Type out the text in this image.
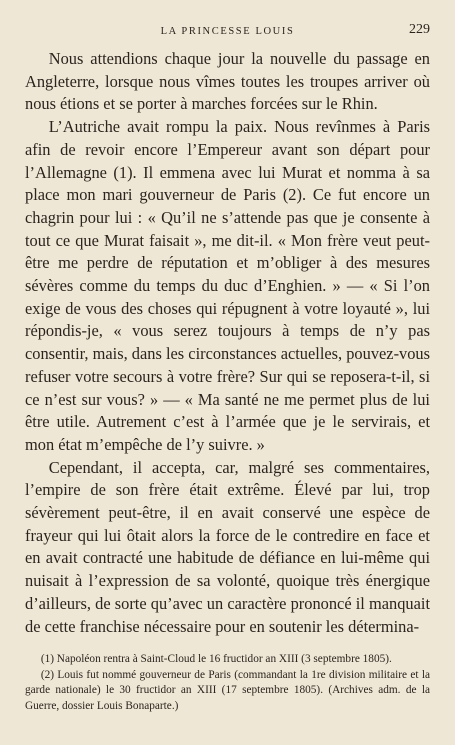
LA PRINCESSE LOUIS	229

Nous attendions chaque jour la nouvelle du passage en Angleterre, lorsque nous vîmes toutes les troupes arriver où nous étions et se porter à marches forcées sur le Rhin.

L’Autriche avait rompu la paix. Nous revînmes à Paris afin de revoir encore l’Empereur avant son départ pour l’Allemagne (1). Il emmena avec lui Murat et nomma à sa place mon mari gouverneur de Paris (2). Ce fut encore un chagrin pour lui : « Qu’il ne s’attende pas que je consente à tout ce que Murat faisait », me dit-il. « Mon frère veut peut-être me perdre de réputation et m’obliger à des mesures sévères comme du temps du duc d’Enghien. » — « Si l’on exige de vous des choses qui répugnent à votre loyauté », lui répondis-je, « vous serez toujours à temps de n’y pas consentir, mais, dans les circonstances actuelles, pouvez-vous refuser votre secours à votre frère? Sur qui se reposera-t-il, si ce n’est sur vous? » — « Ma santé ne me permet plus de lui être utile. Autrement c’est à l’armée que je le servirais, et mon état m’empêche de l’y suivre. »

Cependant, il accepta, car, malgré ses commentaires, l’empire de son frère était extrême. Élevé par lui, trop sévèrement peut-être, il en avait conservé une espèce de frayeur qui lui ôtait alors la force de le contredire en face et en avait contracté une habitude de défiance en lui-même qui nuisait à l’expression de sa volonté, quoique très énergique d’ailleurs, de sorte qu’avec un caractère prononcé il manquait de cette franchise nécessaire pour en soutenir les détermina-

(1) Napoléon rentra à Saint-Cloud le 16 fructidor an XIII (3 septembre 1805).

(2) Louis fut nommé gouverneur de Paris (commandant la 1re division militaire et la garde nationale) le 30 fructidor an XIII (17 septembre 1805). (Archives adm. de la Guerre, dossier Louis Bonaparte.)
